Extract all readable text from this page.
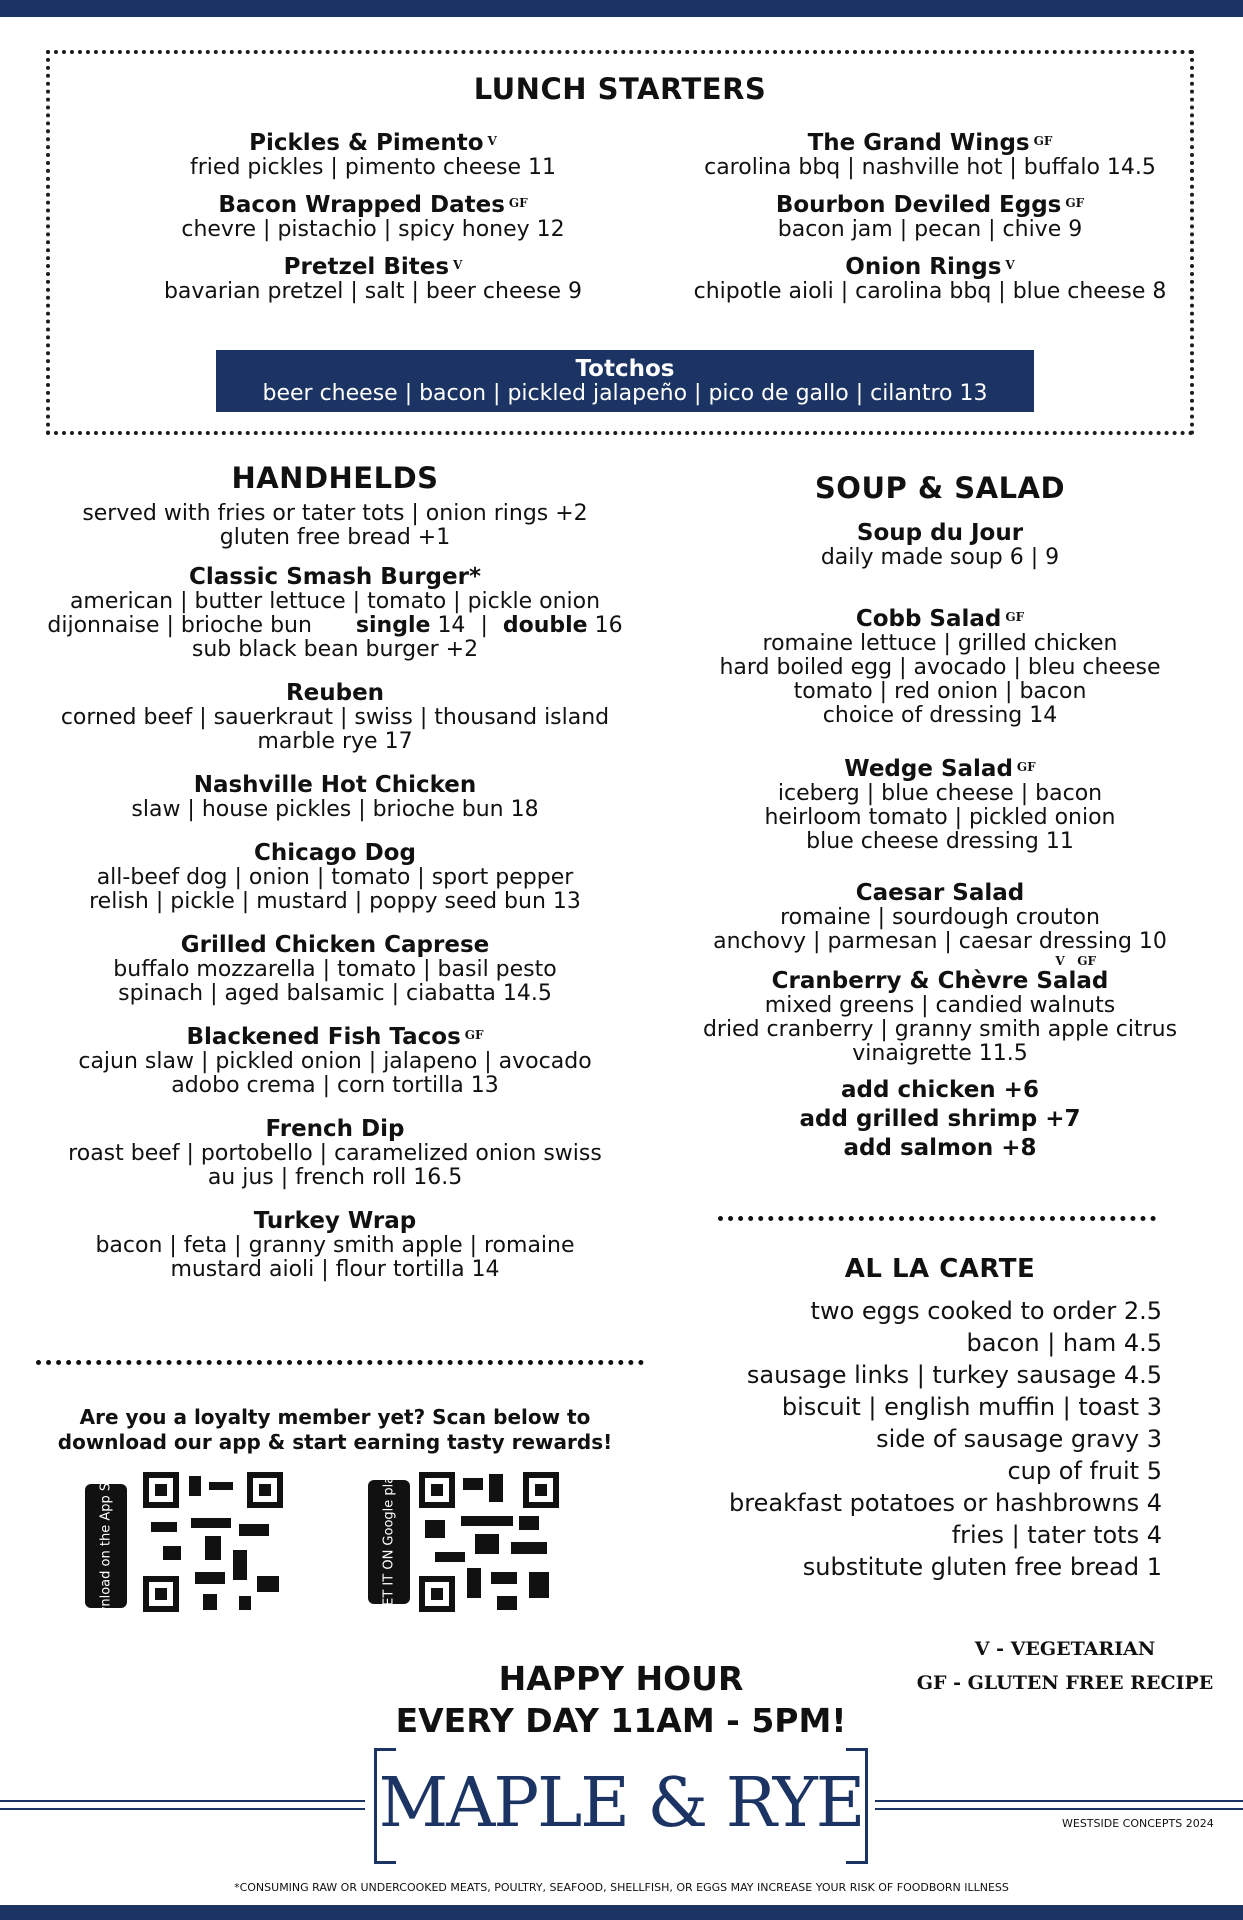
LUNCH STARTERS
Pickles & Pimento $^V$
fried pickles | pimento cheese 11
Bacon Wrapped Dates $^{GF}$
chevre | pistachio | spicy honey 12
Pretzel Bites $^V$
bavarian pretzel | salt | beer cheese 9
The Grand Wings $^{GF}$
carolina bbq | nashville hot | buffalo 14.5
Bourbon Deviled Eggs $^{GF}$
bacon jam | pecan | chive 9
Onion Rings $^V$
chipotle aioli | carolina bbq | blue cheese 8
Totchos
beer cheese | bacon | pickled jalapeño | pico de gallo | cilantro 13
HANDHELDS
served with fries or tater tots | onion rings +2
gluten free bread +1
Classic Smash Burger*
american | butter lettuce | tomato | pickle onion
dijonnaise | brioche bun single 14 | double 16
sub black bean burger +2
Reuben
corned beef | sauerkraut | swiss | thousand island
marble rye 17
Nashville Hot Chicken
slaw | house pickles | brioche bun 18
Chicago Dog
all-beef dog | onion | tomato | sport pepper
relish | pickle | mustard | poppy seed bun 13
Grilled Chicken Caprese
buffalo mozzarella | tomato | basil pesto
spinach | aged balsamic | ciabatta 14.5
Blackened Fish Tacos $^{GF}$
cajun slaw | pickled onion | jalapeno | avocado
adobo crema | corn tortilla 13
French Dip
roast beef | portobello | caramelized onion swiss
au jus | french roll 16.5
Turkey Wrap
bacon | feta | granny smith apple | romaine
mustard aioli | flour tortilla 14
Are you a loyalty member yet? Scan below to
download our app & start earning tasty rewards!
Download on the App Store	GET IT ON Google play
SOUP & SALAD
Soup du Jour
daily made soup 6 | 9
Cobb Salad $^{GF}$
romaine lettuce | grilled chicken
hard boiled egg | avocado | bleu cheese
tomato | red onion | bacon
choice of dressing 14
Wedge Salad $^{GF}$
iceberg | blue cheese | bacon
heirloom tomato | pickled onion
blue cheese dressing 11
Caesar Salad
romaine | sourdough crouton
anchovy | parmesan | caesar dressing 10
V   GF
Cranberry & Chèvre Salad
mixed greens | candied walnuts
dried cranberry | granny smith apple citrus
vinaigrette 11.5
add chicken +6
add grilled shrimp +7
add salmon +8
AL LA CARTE
two eggs cooked to order 2.5
bacon | ham 4.5
sausage links | turkey sausage 4.5
biscuit | english muffin | toast 3
side of sausage gravy 3
cup of fruit 5
breakfast potatoes or hashbrowns 4
fries | tater tots 4
substitute gluten free bread 1
V - VEGETARIAN
GF - GLUTEN FREE RECIPE
HAPPY HOUR
EVERY DAY 11AM - 5PM!
MAPLE & RYE	WESTSIDE CONCEPTS 2024
*CONSUMING RAW OR UNDERCOOKED MEATS, POULTRY, SEAFOOD, SHELLFISH, OR EGGS MAY INCREASE YOUR RISK OF FOODBORN ILLNESS
